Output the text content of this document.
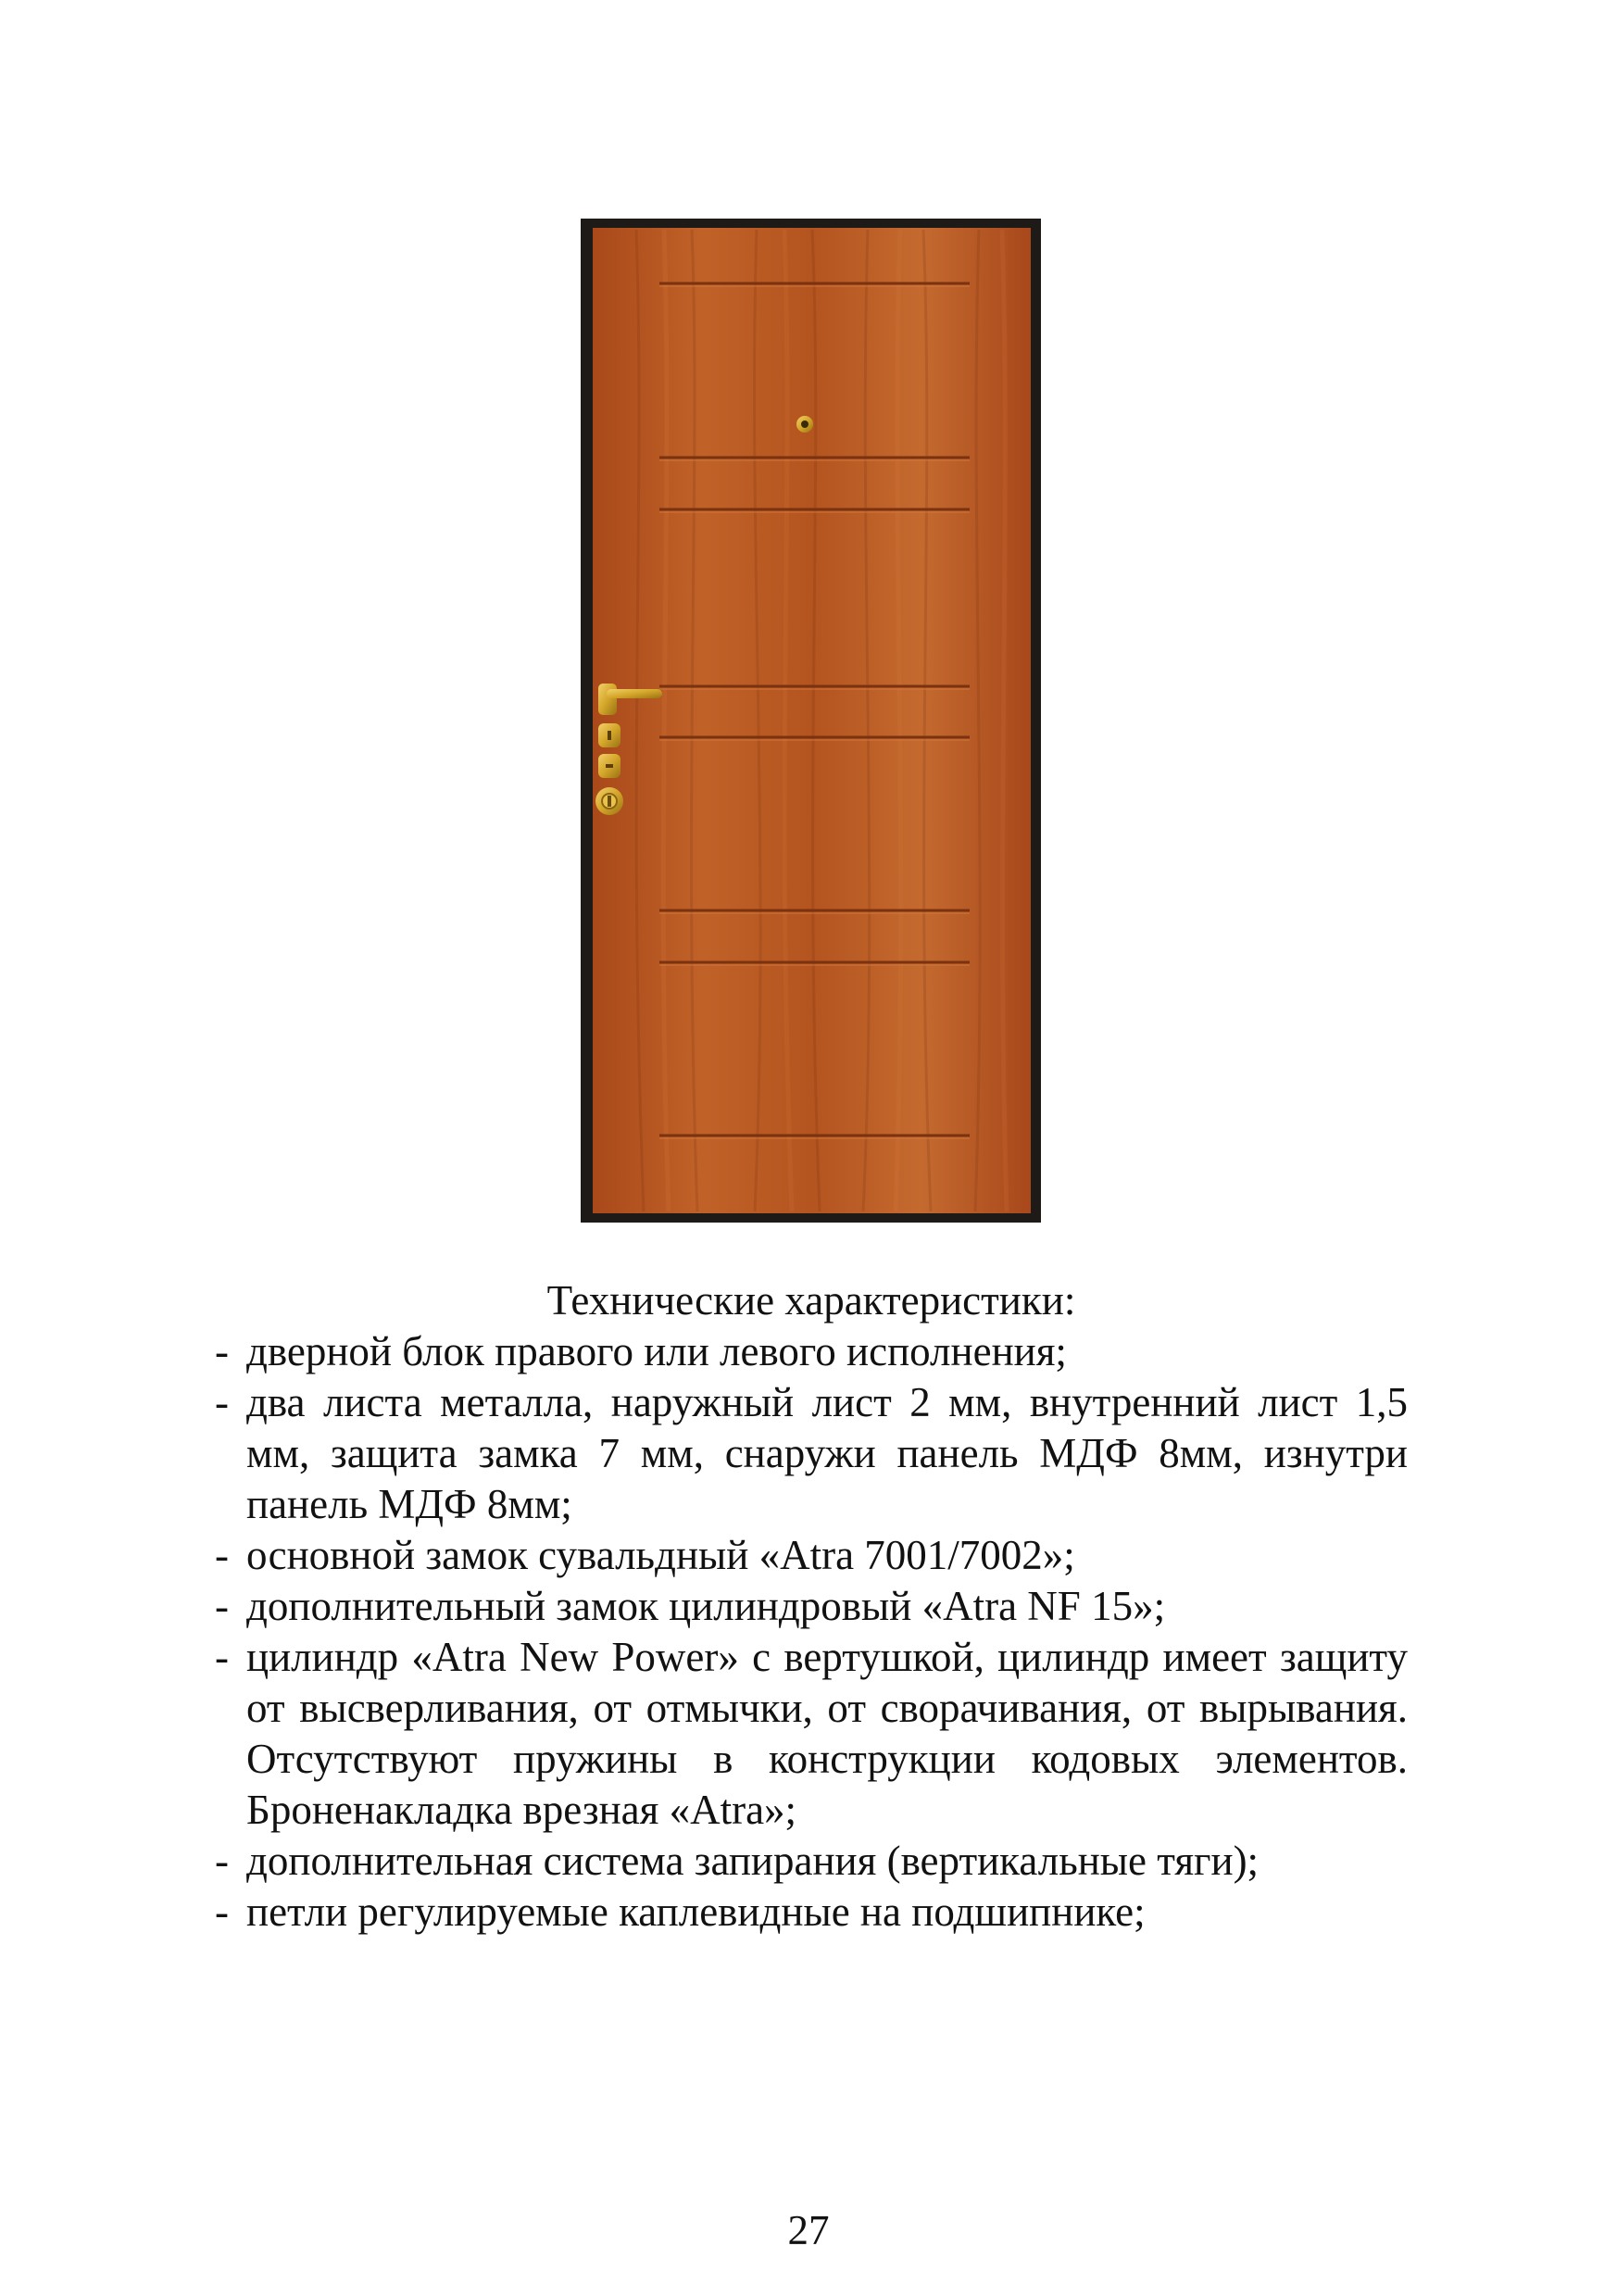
Технические характеристики:

- дверной блок правого или левого исполнения;
- два листа металла, наружный лист 2 мм, внутренний лист 1,5 мм, защита замка 7 мм, снаружи панель МДФ 8мм, изнутри панель МДФ 8мм;
- основной замок сувальдный «Atra 7001/7002»;
- дополнительный замок цилиндровый «Atra NF 15»;
- цилиндр «Atra New Power» с вертушкой, цилиндр имеет защиту от высверливания, от отмычки, от сворачивания, от вырывания. Отсутствуют пружины в конструкции кодовых элементов. Броненакладка врезная «Atra»;
- дополнительная система запирания (вертикальные тяги);
- петли регулируемые каплевидные на подшипнике;
27
